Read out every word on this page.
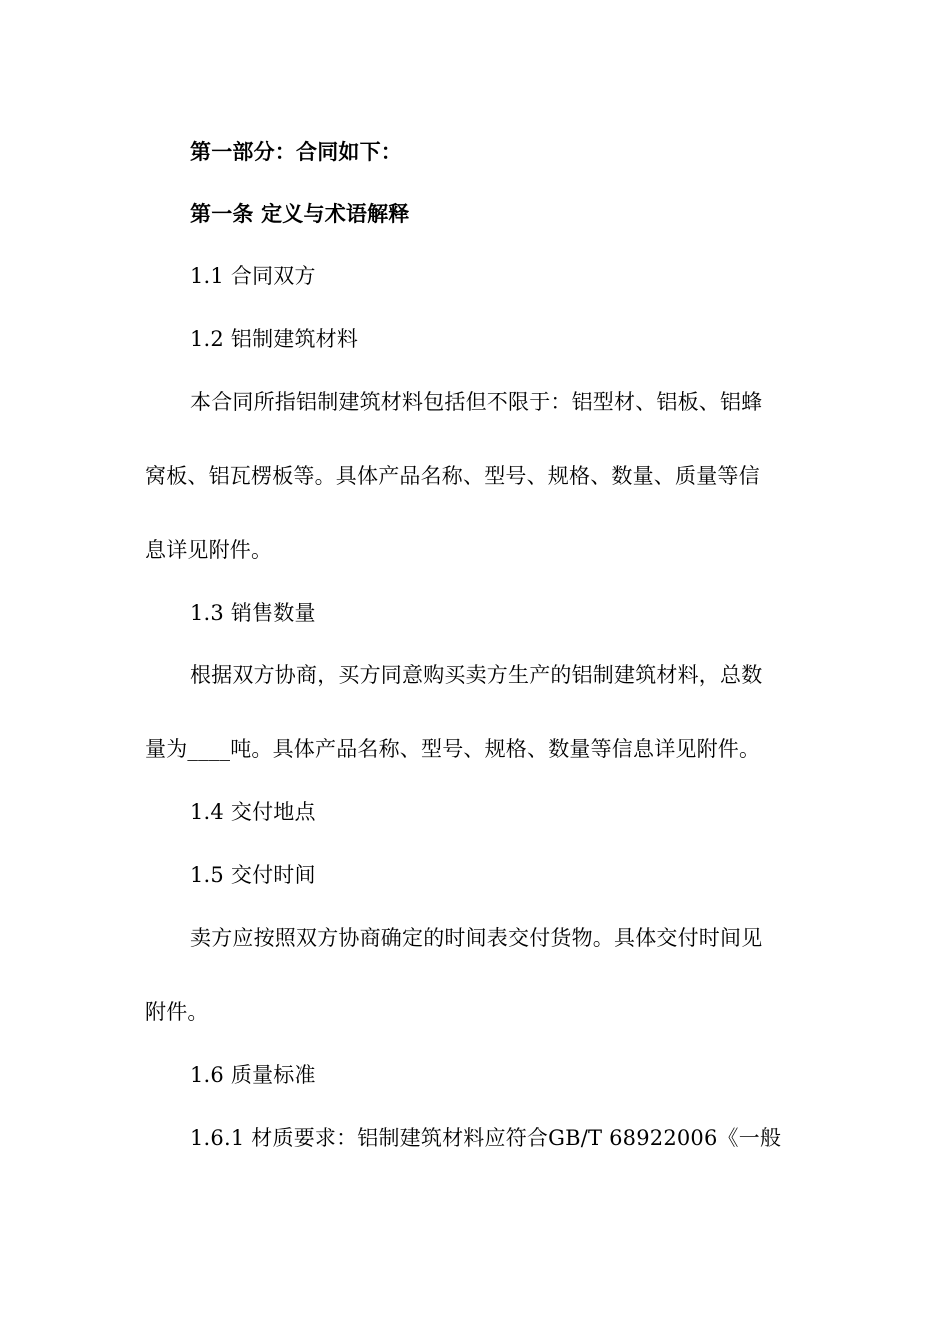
第一部分：合同如下：
第一条 定义与术语解释
1.1 合同双方
1.2 铝制建筑材料
本合同所指铝制建筑材料包括但不限于：铝型材、铝板、铝蜂
窝板、铝瓦楞板等。具体产品名称、型号、规格、数量、质量等信
息详见附件。
1.3 销售数量
根据双方协商，买方同意购买卖方生产的铝制建筑材料，总数
量为____吨。具体产品名称、型号、规格、数量等信息详见附件。
1.4 交付地点
1.5 交付时间
卖方应按照双方协商确定的时间表交付货物。具体交付时间见
附件。
1.6 质量标准
1.6.1 材质要求：铝制建筑材料应符合GB/T 68922006《一般
